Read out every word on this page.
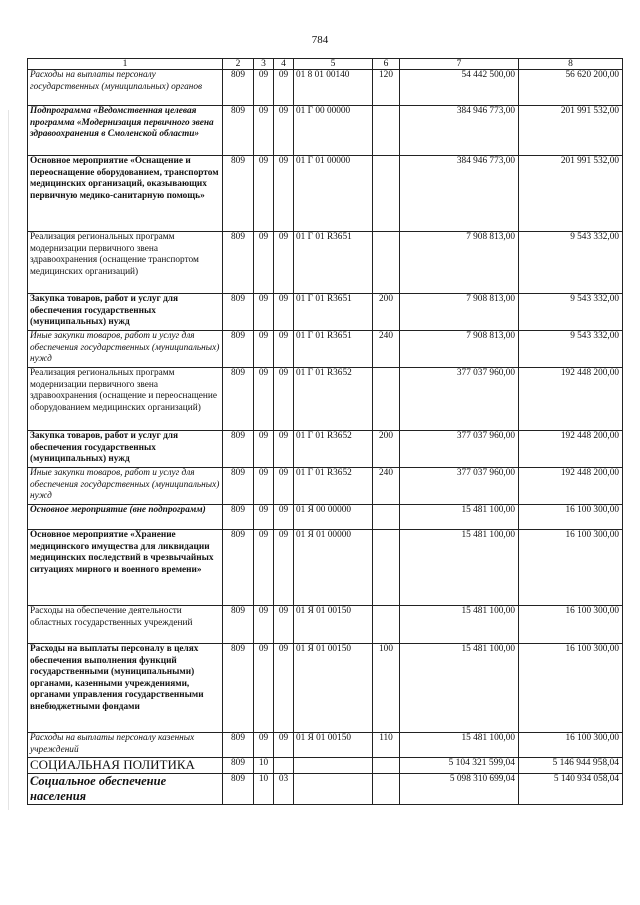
784
1	2	3	4	5	6	7	8

Расходы на выплаты персоналу государственных (муниципальных) органов	809	09	09	01 8 01 00140	120	54 442 500,00	56 620 200,00

Подпрограмма «Ведомственная целевая программа «Модернизация первичного звена здравоохранения в Смоленской области»	809	09	09	01 Г 00 00000		384 946 773,00	201 991 532,00

Основное мероприятие «Оснащение и переоснащение оборудованием, транспортом медицинских организаций, оказывающих первичную медико-санитарную помощь»	809	09	09	01 Г 01 00000		384 946 773,00	201 991 532,00

Реализация региональных программ модернизации первичного звена здравоохранения (оснащение транспортом медицинских организаций)	809	09	09	01 Г 01 R3651		7 908 813,00	9 543 332,00

Закупка товаров, работ и услуг для обеспечения государственных (муниципальных) нужд	809	09	09	01 Г 01 R3651	200	7 908 813,00	9 543 332,00

Иные закупки товаров, работ и услуг для обеспечения государственных (муниципальных) нужд	809	09	09	01 Г 01 R3651	240	7 908 813,00	9 543 332,00

Реализация региональных программ модернизации первичного звена здравоохранения (оснащение и переоснащение оборудованием медицинских организаций)	809	09	09	01 Г 01 R3652		377 037 960,00	192 448 200,00

Закупка товаров, работ и услуг для обеспечения государственных (муниципальных) нужд	809	09	09	01 Г 01 R3652	200	377 037 960,00	192 448 200,00

Иные закупки товаров, работ и услуг для обеспечения государственных (муниципальных) нужд	809	09	09	01 Г 01 R3652	240	377 037 960,00	192 448 200,00

Основное мероприятие (вне подпрограмм)	809	09	09	01 Я 00 00000		15 481 100,00	16 100 300,00

Основное мероприятие «Хранение медицинского имущества для ликвидации медицинских последствий в чрезвычайных ситуациях мирного и военного времени»	809	09	09	01 Я 01 00000		15 481 100,00	16 100 300,00

Расходы на обеспечение деятельности областных государственных учреждений	809	09	09	01 Я 01 00150		15 481 100,00	16 100 300,00

Расходы на выплаты персоналу в целях обеспечения выполнения функций государственными (муниципальными) органами, казенными учреждениями, органами управления государственными внебюджетными фондами	809	09	09	01 Я 01 00150	100	15 481 100,00	16 100 300,00

Расходы на выплаты персоналу казенных учреждений	809	09	09	01 Я 01 00150	110	15 481 100,00	16 100 300,00

СОЦИАЛЬНАЯ ПОЛИТИКА	809	10				5 104 321 599,04	5 146 944 958,04

Социальное обеспечение населения	809	10	03			5 098 310 699,04	5 140 934 058,04
